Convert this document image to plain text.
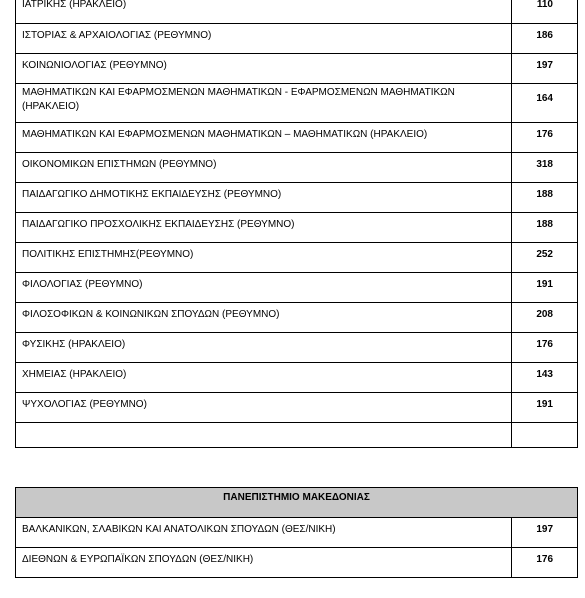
ΙΑΤΡΙΚΗΣ (ΗΡΑΚΛΕΙΟ)	110
ΙΣΤΟΡΙΑΣ & ΑΡΧΑΙΟΛΟΓΙΑΣ (ΡΕΘΥΜΝΟ)	186
ΚΟΙΝΩΝΙΟΛΟΓΙΑΣ (ΡΕΘΥΜΝΟ)	197
ΜΑΘΗΜΑΤΙΚΩΝ ΚΑΙ ΕΦΑΡΜΟΣΜΕΝΩΝ ΜΑΘΗΜΑΤΙΚΩΝ - ΕΦΑΡΜΟΣΜΕΝΩΝ ΜΑΘΗΜΑΤΙΚΩΝ (ΗΡΑΚΛΕΙΟ)	164
ΜΑΘΗΜΑΤΙΚΩΝ ΚΑΙ ΕΦΑΡΜΟΣΜΕΝΩΝ ΜΑΘΗΜΑΤΙΚΩΝ – ΜΑΘΗΜΑΤΙΚΩΝ (ΗΡΑΚΛΕΙΟ)	176
ΟΙΚΟΝΟΜΙΚΩΝ ΕΠΙΣΤΗΜΩΝ (ΡΕΘΥΜΝΟ)	318
ΠΑΙΔΑΓΩΓΙΚΟ ΔΗΜΟΤΙΚΗΣ ΕΚΠΑΙΔΕΥΣΗΣ (ΡΕΘΥΜΝΟ)	188
ΠΑΙΔΑΓΩΓΙΚΟ ΠΡΟΣΧΟΛΙΚΗΣ ΕΚΠΑΙΔΕΥΣΗΣ (ΡΕΘΥΜΝΟ)	188
ΠΟΛΙΤΙΚΗΣ ΕΠΙΣΤΗΜΗΣ(ΡΕΘΥΜΝΟ)	252
ΦΙΛΟΛΟΓΙΑΣ (ΡΕΘΥΜΝΟ)	191
ΦΙΛΟΣΟΦΙΚΩΝ & ΚΟΙΝΩΝΙΚΩΝ ΣΠΟΥΔΩΝ (ΡΕΘΥΜΝΟ)	208
ΦΥΣΙΚΗΣ (ΗΡΑΚΛΕΙΟ)	176
ΧΗΜΕΙΑΣ (ΗΡΑΚΛΕΙΟ)	143
ΨΥΧΟΛΟΓΙΑΣ (ΡΕΘΥΜΝΟ)	191

ΠΑΝΕΠΙΣΤΗΜΙΟ ΜΑΚΕΔΟΝΙΑΣ	
ΒΑΛΚΑΝΙΚΩΝ, ΣΛΑΒΙΚΩΝ ΚΑΙ ΑΝΑΤΟΛΙΚΩΝ ΣΠΟΥΔΩΝ (ΘΕΣ/ΝΙΚΗ)	197
ΔΙΕΘΝΩΝ & ΕΥΡΩΠΑΪΚΩΝ ΣΠΟΥΔΩΝ (ΘΕΣ/ΝΙΚΗ)	176
